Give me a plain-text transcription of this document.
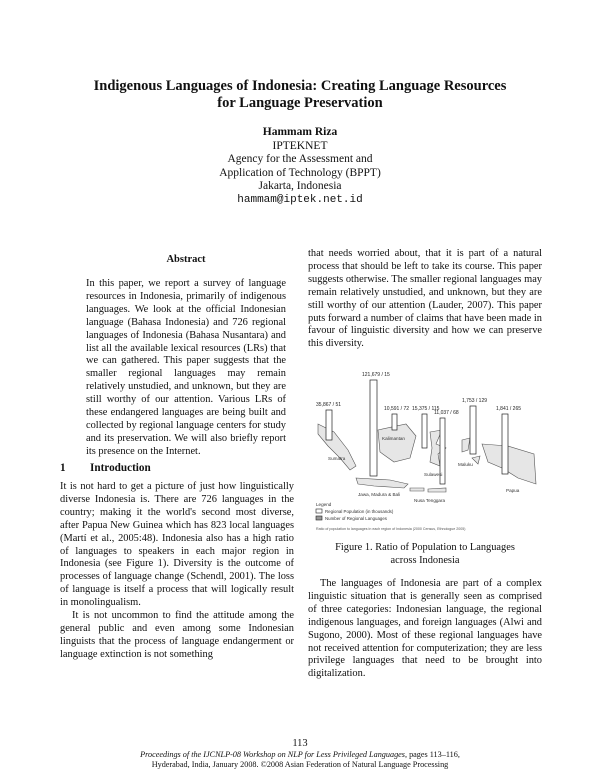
Indigenous Languages of Indonesia: Creating Language Resources
for Language Preservation
Hammam Riza
IPTEKNET
Agency for the Assessment and
Application of Technology (BPPT)
Jakarta, Indonesia
hammam@iptek.net.id
Abstract

In this paper, we report a survey of language resources in Indonesia, primarily of indigenous languages. We look at the official Indonesian language (Bahasa Indonesia) and 726 regional languages of Indonesia (Bahasa Nusantara) and list all the available lexical resources (LRs) that we can gathered. This paper suggests that the smaller regional languages may remain relatively unstudied, and unknown, but they are still worthy of our attention. Various LRs of these endangered languages are being built and collected by regional language centers for study and its preservation. We will also briefly report its presence on the Internet.

1 Introduction

It is not hard to get a picture of just how linguistically diverse Indonesia is. There are 726 languages in the country; making it the world's second most diverse, after Papua New Guinea which has 823 local languages (Martí et al., 2005:48). Indonesia also has a high ratio of languages to speakers in each major region in Indonesia (see Figure 1). Diversity is the outcome of processes of language change (Schendl, 2001). The loss of language is itself a process that will logically result in monolingualism.

It is not uncommon to find the attitude among the general public and even among some Indonesian linguists that the process of language endangerment or language extinction is not something

that needs worried about, that it is part of a natural process that should be left to take its course. This paper suggests otherwise. The smaller regional languages may remain relatively unstudied, and unknown, but they are still worthy of our attention (Lauder, 2007). This paper puts forward a number of claims that have been made in favour of linguistic diversity and how we can preserve this diversity.

121,679 / 15
35,867 / 51
10,591 / 72 15,375 / 115
11,037 / 68
1,753 / 129
1,841 / 265
Sumatra
Kalimantan
Sulawesi
Maluku
Jawa, Madura & Bali
Nusa Tenggara
Papua
Legend
Regional Population (in thousands)
Number of Regional Languages
Ratio of population to languages in each region of Indonesia (2000 Census, Ethnologue 2005)
Figure 1. Ratio of Population to Languages
across Indonesia

The languages of Indonesia are part of a complex linguistic situation that is generally seen as comprised of three categories: Indonesian language, the regional indigenous languages, and foreign languages (Alwi and Sugono, 2000). Most of these regional languages have not received attention for computerization; they are less privilege languages that need to be brought into digitalization.

113
Proceedings of the IJCNLP-08 Workshop on NLP for Less Privileged Languages, pages 113–116,
Hyderabad, India, January 2008. ©2008 Asian Federation of Natural Language Processing
